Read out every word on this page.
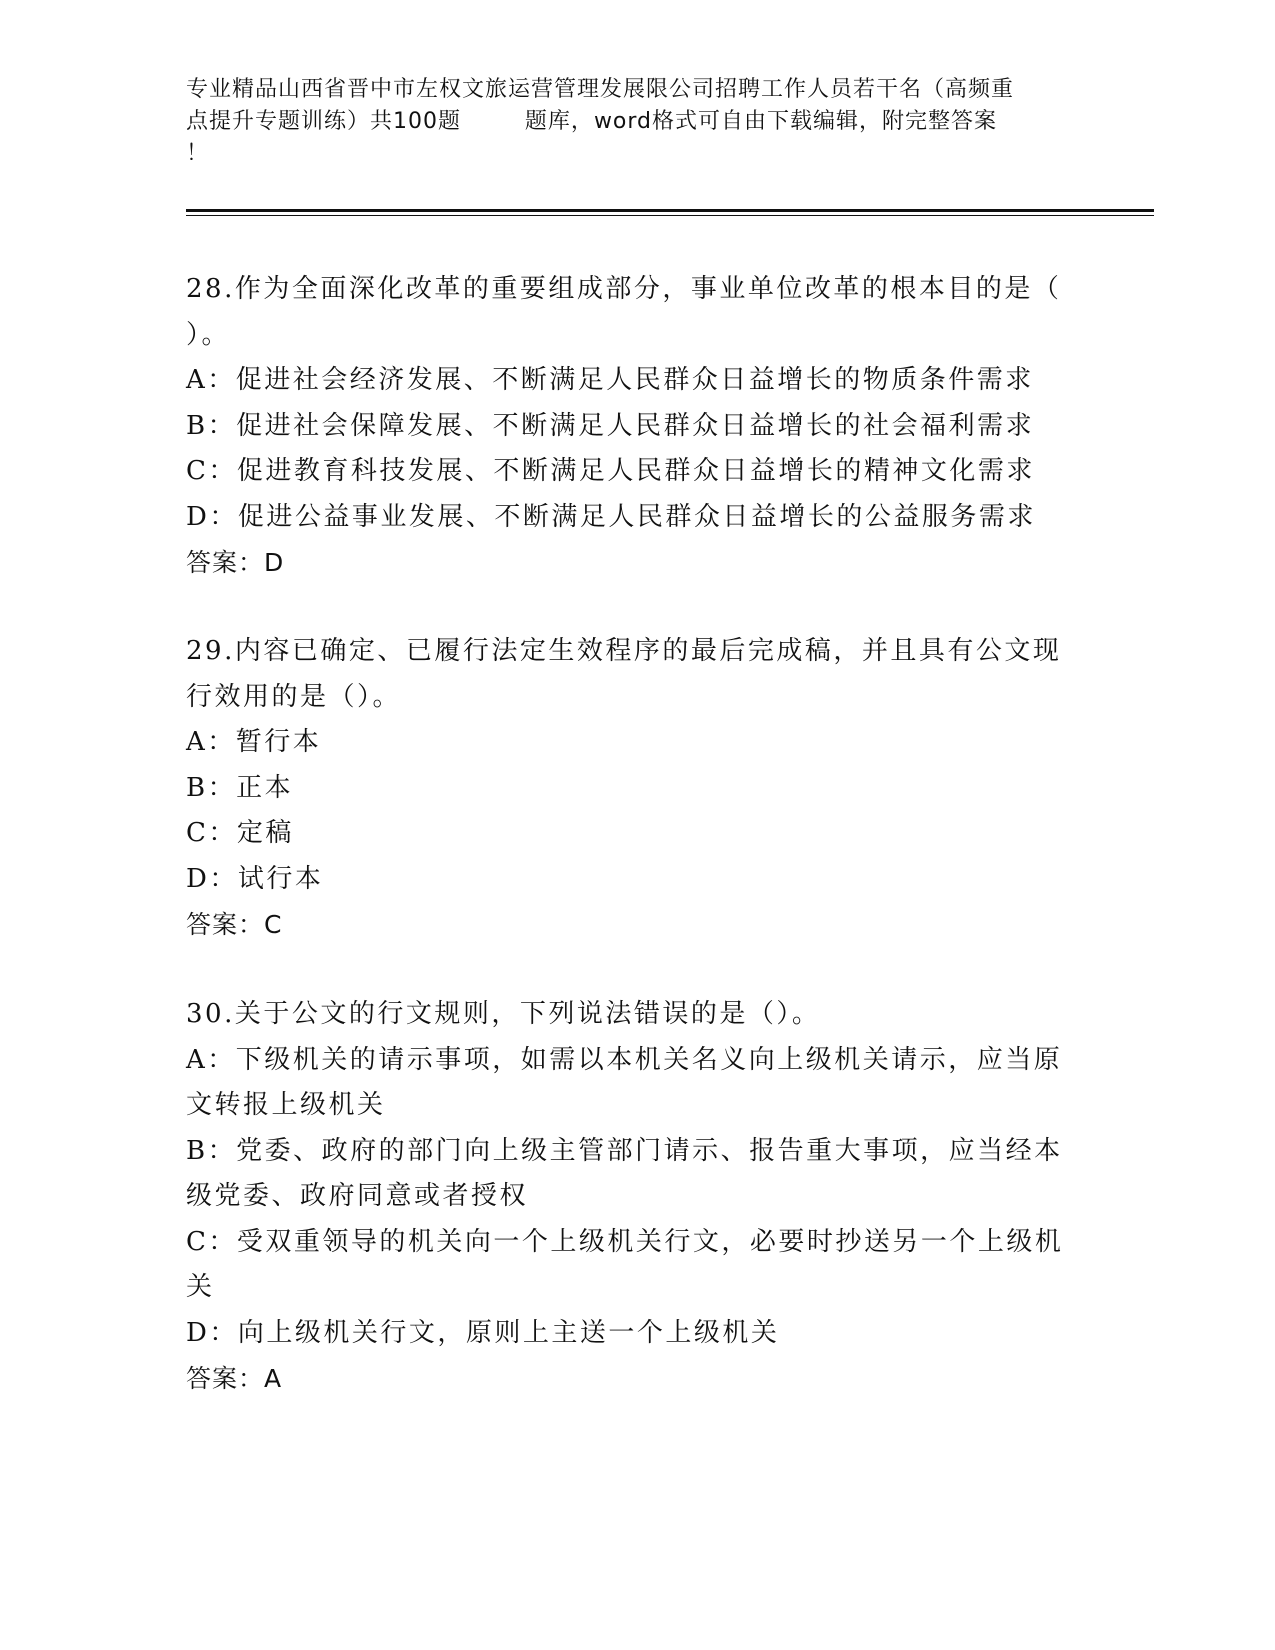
专业精品山西省晋中市左权文旅运营管理发展限公司招聘工作人员若干名（高频重
点提升专题训练）共100题        题库，word格式可自由下载编辑，附完整答案
！
28.作为全面深化改革的重要组成部分，事业单位改革的根本目的是（
）。
A：促进社会经济发展、不断满足人民群众日益增长的物质条件需求
B：促进社会保障发展、不断满足人民群众日益增长的社会福利需求
C：促进教育科技发展、不断满足人民群众日益增长的精神文化需求
D：促进公益事业发展、不断满足人民群众日益增长的公益服务需求
答案：D
29.内容已确定、已履行法定生效程序的最后完成稿，并且具有公文现
行效用的是（）。
A：暂行本
B：正本
C：定稿
D：试行本
答案：C
30.关于公文的行文规则，下列说法错误的是（）。
A：下级机关的请示事项，如需以本机关名义向上级机关请示，应当原
文转报上级机关
B：党委、政府的部门向上级主管部门请示、报告重大事项，应当经本
级党委、政府同意或者授权
C：受双重领导的机关向一个上级机关行文，必要时抄送另一个上级机
关
D：向上级机关行文，原则上主送一个上级机关
答案：A
